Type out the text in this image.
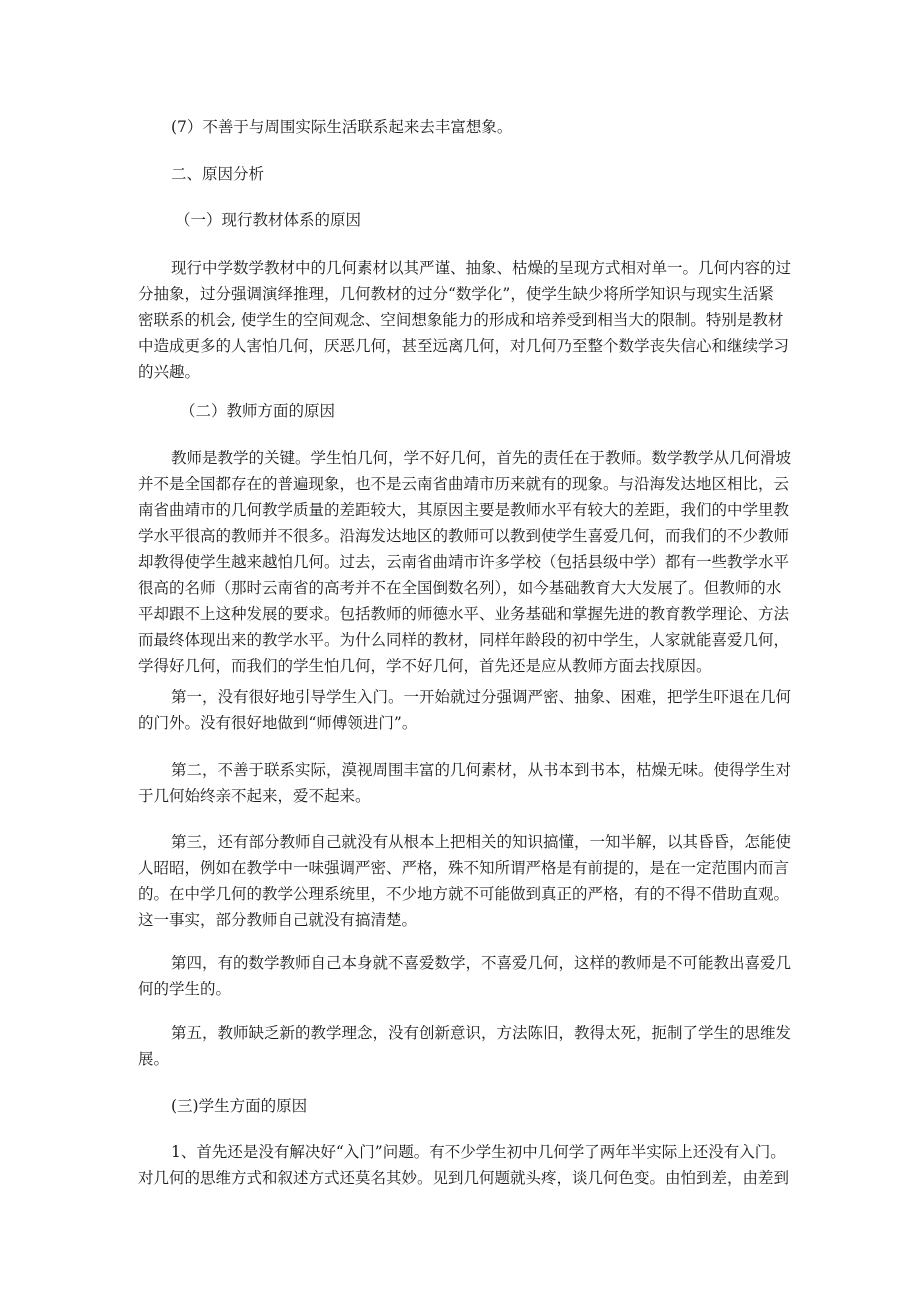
(7）不善于与周围实际生活联系起来去丰富想象。
二、原因分析
（一）现行教材体系的原因
现行中学数学教材中的几何素材以其严谨、抽象、枯燥的呈现方式相对单一。几何内容的过
分抽象，过分强调演绎推理，几何教材的过分“数学化”，使学生缺少将所学知识与现实生活紧
密联系的机会, 使学生的空间观念、空间想象能力的形成和培养受到相当大的限制。特别是教材
中造成更多的人害怕几何，厌恶几何，甚至远离几何，对几何乃至整个数学丧失信心和继续学习
的兴趣。
（二）教师方面的原因
教师是教学的关键。学生怕几何，学不好几何，首先的责任在于教师。数学教学从几何滑坡
并不是全国都存在的普遍现象，也不是云南省曲靖市历来就有的现象。与沿海发达地区相比，云
南省曲靖市的几何教学质量的差距较大，其原因主要是教师水平有较大的差距，我们的中学里教
学水平很高的教师并不很多。沿海发达地区的教师可以教到使学生喜爱几何，而我们的不少教师
却教得使学生越来越怕几何。过去，云南省曲靖市许多学校（包括县级中学）都有一些教学水平
很高的名师（那时云南省的高考并不在全国倒数名列），如今基础教育大大发展了。但教师的水
平却跟不上这种发展的要求。包括教师的师德水平、业务基础和掌握先进的教育教学理论、方法
而最终体现出来的教学水平。为什么同样的教材，同样年龄段的初中学生，人家就能喜爱几何，
学得好几何，而我们的学生怕几何，学不好几何，首先还是应从教师方面去找原因。
第一，没有很好地引导学生入门。一开始就过分强调严密、抽象、困难，把学生吓退在几何
的门外。没有很好地做到“师傅领进门”。
第二，不善于联系实际，漠视周围丰富的几何素材，从书本到书本，枯燥无味。使得学生对
于几何始终亲不起来，爱不起来。
第三，还有部分教师自己就没有从根本上把相关的知识搞懂，一知半解，以其昏昏，怎能使
人昭昭，例如在教学中一味强调严密、严格，殊不知所谓严格是有前提的，是在一定范围内而言
的。在中学几何的教学公理系统里，不少地方就不可能做到真正的严格，有的不得不借助直观。
这一事实，部分教师自己就没有搞清楚。
第四，有的数学教师自己本身就不喜爱数学，不喜爱几何，这样的教师是不可能教出喜爱几
何的学生的。
第五，教师缺乏新的教学理念，没有创新意识，方法陈旧，教得太死，扼制了学生的思维发
展。
(三)学生方面的原因
1、首先还是没有解决好“入门”问题。有不少学生初中几何学了两年半实际上还没有入门。
对几何的思维方式和叙述方式还莫名其妙。见到几何题就头疼，谈几何色变。由怕到差，由差到
